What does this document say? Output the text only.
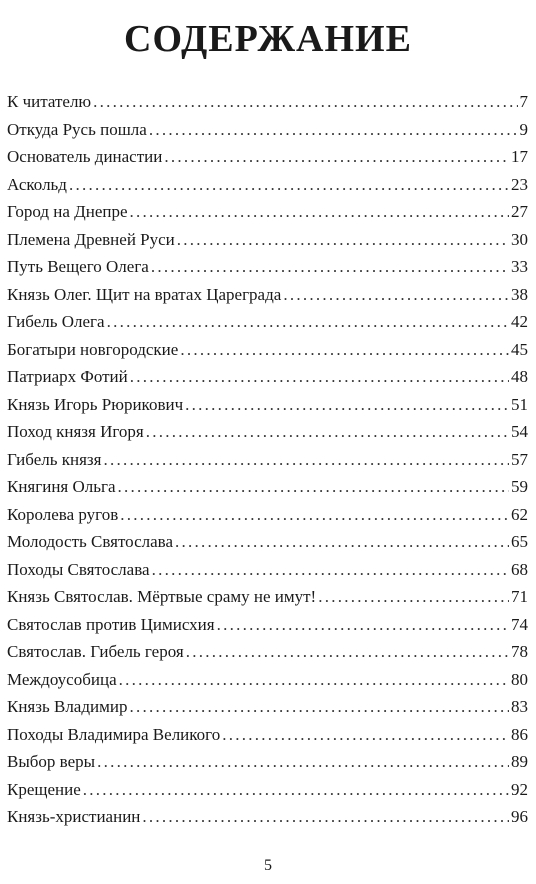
СОДЕРЖАНИЕ
К читателю . . .	7
Откуда Русь пошла . . .	9
Основатель династии . . .	17
Аскольд . . .	23
Город на Днепре . . .	27
Племена Древней Руси . . .	30
Путь Вещего Олега . . .	33
Князь Олег. Щит на вратах Цареграда . . .	38
Гибель Олега . . .	42
Богатыри новгородские . . .	45
Патриарх Фотий . . .	48
Князь Игорь Рюрикович . . .	51
Поход князя Игоря . . .	54
Гибель князя . . .	57
Княгиня Ольга . . .	59
Королева ругов . . .	62
Молодость Святослава . . .	65
Походы Святослава . . .	68
Князь Святослав. Мёртвые сраму не имут! . . .	71
Святослав против Цимисхия . . .	74
Святослав. Гибель героя . . .	78
Междоусобица . . .	80
Князь Владимир . . .	83
Походы Владимира Великого . . .	86
Выбор веры . . .	89
Крещение . . .	92
Князь-христианин . . .	96
5
